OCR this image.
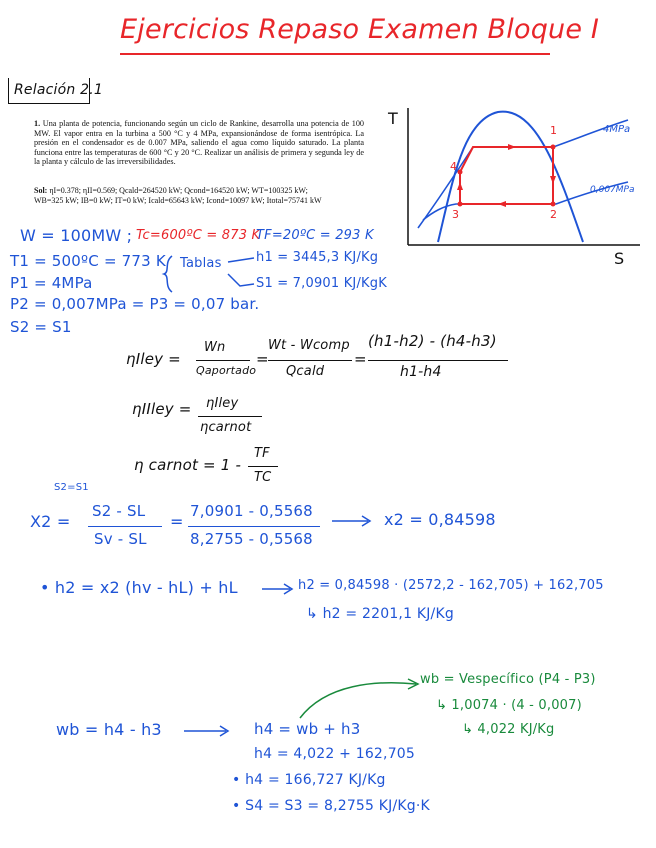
Ejercicios Repaso Examen Bloque I
Relación 2.1
1. Una planta de potencia, funcionando según un ciclo de Rankine, desarrolla una potencia de 100 MW. El vapor entra en la turbina a 500 °C y 4 MPa, expansionándose de forma isentrópica. La presión en el condensador es de 0.007 MPa, saliendo el agua como líquido saturado. La planta funciona entre las temperaturas de 600 °C y 20 °C. Realizar un análisis de primera y segunda ley de la planta y cálculo de las irreversibilidades.
Sol: ηI=0.378; ηII=0.569; Qcald=264520 kW; Qcond=164520 kW; WT=100325 kW;
WB=325 kW; IB=0 kW; IT=0 kW; Icald=65643 kW; Icond=10097 kW; Itotal=75741 kW
T
S
4MPa
0,007MPa
1
2
3
4
W = 100MW ; Tc=600ºC = 873 K
TF=20ºC = 293 K
T1 = 500ºC = 773 K
P1 = 4MPa
P2 = 0,007MPa = P3 = 0,07 bar.
S2 = S1
Tablas	h1 = 3445,3 KJ/Kg
S1 = 7,0901 KJ/KgK
ηIley =
Wn
Qaportado
=
Wt - Wcomp
Qcald
=
(h1-h2) - (h4-h3)
h1-h4
ηIIley = ηIley
ηcarnot
η carnot = 1 -
TF
TC
S2=S1
X2 =
S2 - SL
Sv - SL
=
7,0901 - 0,5568
8,2755 - 0,5568
x2 = 0,84598
• h2 = x2 (hv - hL) + hL	h2 = 0,84598 · (2572,2 - 162,705) + 162,705
↳ h2 = 2201,1 KJ/Kg
wb = Vespecífico (P4 - P3)
↳ 1,0074 · (4 - 0,007)
↳ 4,022 KJ/Kg
wb = h4 - h3	h4 = wb + h3
h4 = 4,022 + 162,705
• h4 = 166,727 KJ/Kg
• S4 = S3 = 8,2755 KJ/Kg·K
